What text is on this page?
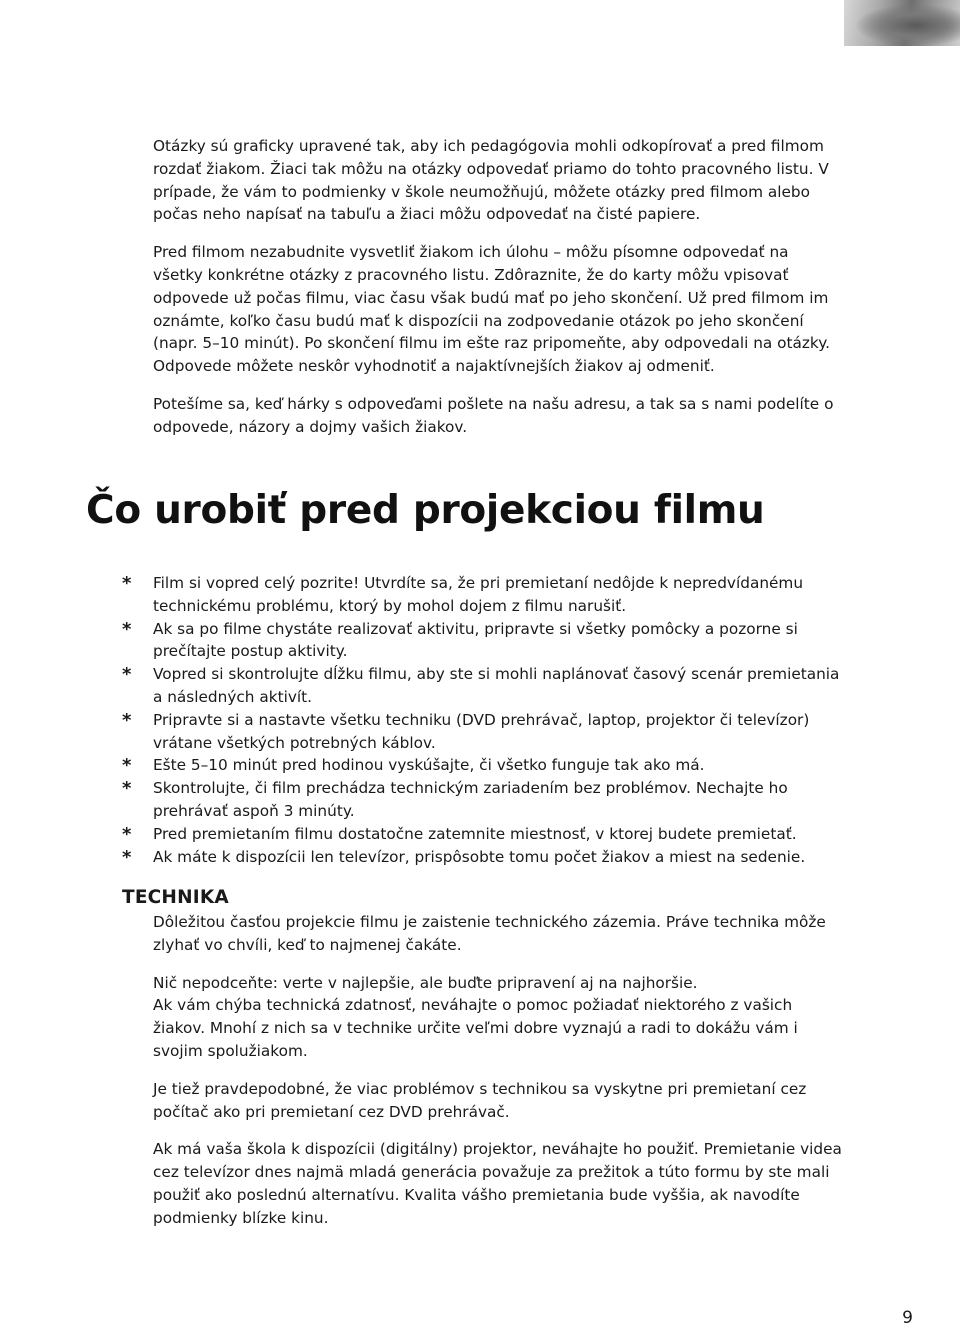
Otázky sú graficky upravené tak, aby ich pedagógovia mohli odkopírovať a pred filmom rozdať žiakom. Žiaci tak môžu na otázky odpovedať priamo do tohto pracovného listu. V prípade, že vám to podmienky v škole neumožňujú, môžete otázky pred filmom alebo počas neho napísať na tabuľu a žiaci môžu odpovedať na čisté papiere.

Pred filmom nezabudnite vysvetliť žiakom ich úlohu – môžu písomne odpovedať na všetky konkrétne otázky z pracovného listu. Zdôraznite, že do karty môžu vpisovať odpovede už počas filmu, viac času však budú mať po jeho skončení. Už pred filmom im oznámte, koľko času budú mať k dispozícii na zodpovedanie otázok po jeho skončení (napr. 5–10 minút). Po skončení filmu im ešte raz pripomeňte, aby odpovedali na otázky. Odpovede môžete neskôr vyhodnotiť a najaktívnejších žiakov aj odmeniť.

Potešíme sa, keď hárky s odpoveďami pošlete na našu adresu, a tak sa s nami podelíte o odpovede, názory a dojmy vašich žiakov.

Čo urobiť pred projekciou filmu
* Film si vopred celý pozrite! Utvrdíte sa, že pri premietaní nedôjde k nepredvídanému technickému problému, ktorý by mohol dojem z filmu narušiť.
* Ak sa po filme chystáte realizovať aktivitu, pripravte si všetky pomôcky a pozorne si prečítajte postup aktivity.
* Vopred si skontrolujte dĺžku filmu, aby ste si mohli naplánovať časový scenár premietania a následných aktivít.
* Pripravte si a nastavte všetku techniku (DVD prehrávač, laptop, projektor či televízor) vrátane všetkých potrebných káblov.
* Ešte 5–10 minút pred hodinou vyskúšajte, či všetko funguje tak ako má.
* Skontrolujte, či film prechádza technickým zariadením bez problémov. Nechajte ho prehrávať aspoň 3 minúty.
* Pred premietaním filmu dostatočne zatemnite miestnosť, v ktorej budete premietať.
* Ak máte k dispozícii len televízor, prispôsobte tomu počet žiakov a miest na sedenie.
TECHNIKA

Dôležitou časťou projekcie filmu je zaistenie technického zázemia. Práve technika môže zlyhať vo chvíli, keď to najmenej čakáte.

Nič nepodceňte: verte v najlepšie, ale buďte pripravení aj na najhoršie.
Ak vám chýba technická zdatnosť, neváhajte o pomoc požiadať niektorého z vašich žiakov. Mnohí z nich sa v technike určite veľmi dobre vyznajú a radi to dokážu vám i svojim spolužiakom.

Je tiež pravdepodobné, že viac problémov s technikou sa vyskytne pri premietaní cez počítač ako pri premietaní cez DVD prehrávač.

Ak má vaša škola k dispozícii (digitálny) projektor, neváhajte ho použiť. Premietanie videa cez televízor dnes najmä mladá generácia považuje za prežitok a túto formu by ste mali použiť ako poslednú alternatívu. Kvalita vášho premietania bude vyššia, ak navodíte podmienky blízke kinu.

9
